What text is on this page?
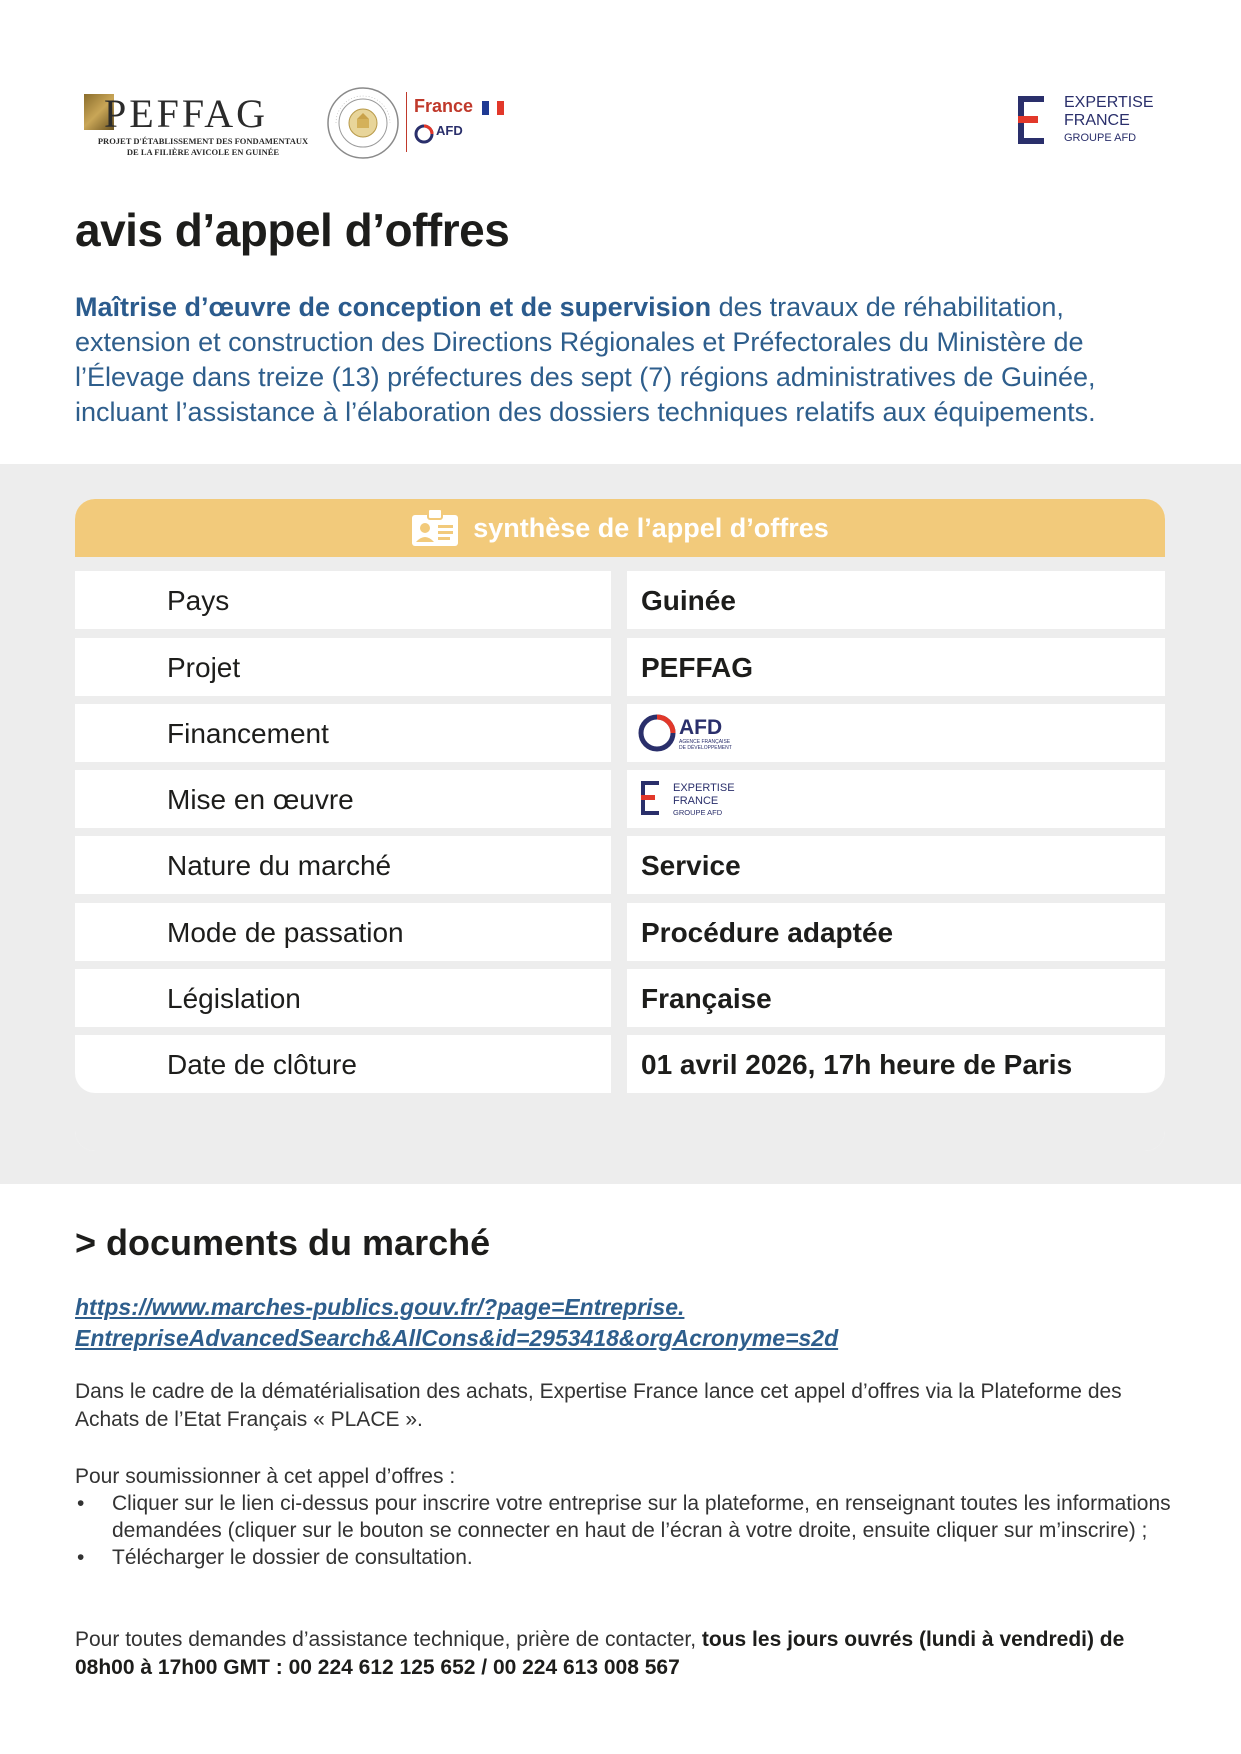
PEFFAG
PROJET D'ÉTABLISSEMENT DES FONDAMENTAUX
DE LA FILIÈRE AVICOLE EN GUINÉE
France
AFD
EXPERTISE
FRANCE
GROUPE AFD
avis d’appel d’offres

Maîtrise d’œuvre de conception et de supervision des travaux de réhabilitation, extension et construction des Directions Régionales et Préfectorales du Ministère de l’Élevage dans treize (13) préfectures des sept (7) régions administratives de Guinée, incluant l’assistance à l’élaboration des dossiers techniques relatifs aux équipements.

synthèse de l’appel d’offres
Pays	Guinée
Projet	PEFFAG
Financement	AFD
AGENCE FRANÇAISE
DE DÉVELOPPEMENT
Mise en œuvre	EXPERTISE
FRANCE
GROUPE AFD
Nature du marché	Service
Mode de passation	Procédure adaptée
Législation	Française
Date de clôture	01 avril 2026, 17h heure de Paris
> documents du marché
https://www.marches-publics.gouv.fr/?page=Entreprise.
EntrepriseAdvancedSearch&AllCons&id=2953418&orgAcronyme=s2d

Dans le cadre de la dématérialisation des achats, Expertise France lance cet appel d’offres via la Plateforme des Achats de l’Etat Français « PLACE ».

Pour soumissionner à cet appel d’offres :

• Cliquer sur le lien ci-dessus pour inscrire votre entreprise sur la plateforme, en renseignant toutes les informations demandées (cliquer sur le bouton se connecter en haut de l’écran à votre droite, ensuite cliquer sur m’inscrire) ;
• Télécharger le dossier de consultation.

Pour toutes demandes d’assistance technique, prière de contacter, tous les jours ouvrés (lundi à vendredi) de 08h00 à 17h00 GMT : 00 224 612 125 652 / 00 224 613 008 567
